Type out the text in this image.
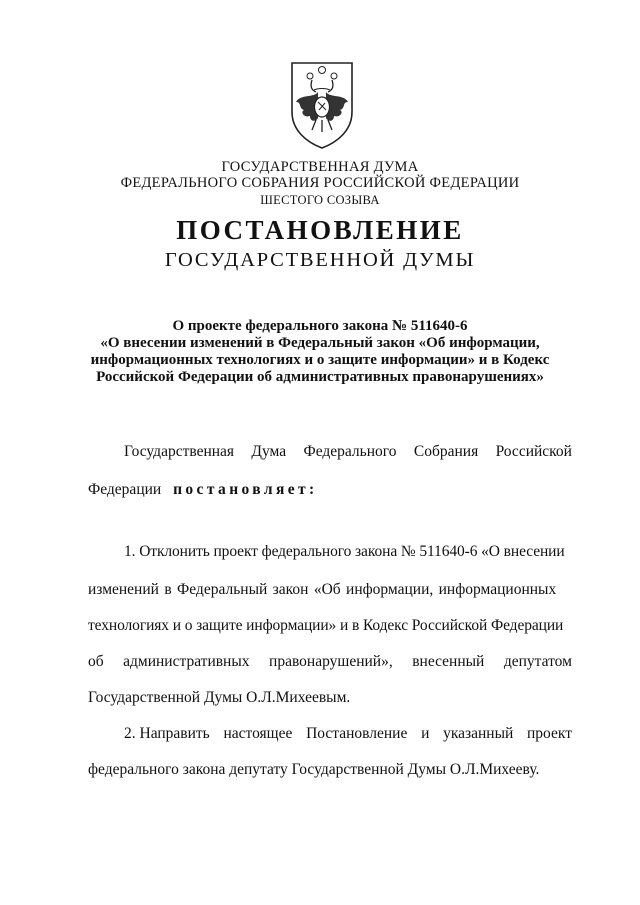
ГОСУДАРСТВЕННАЯ ДУМА
ФЕДЕРАЛЬНОГО СОБРАНИЯ РОССИЙСКОЙ ФЕДЕРАЦИИ
ШЕСТОГО СОЗЫВА
ПОСТАНОВЛЕНИЕ
ГОСУДАРСТВЕННОЙ ДУМЫ
О проекте федерального закона № 511640-6
«О внесении изменений в Федеральный закон «Об информации,
информационных технологиях и о защите информации» и в Кодекс
Российской Федерации об административных правонарушениях»
Государственная Дума Федерального Собрания Российской
Федерации постановляет:
1. Отклонить проект федерального закона № 511640-6 «О внесении
изменений в Федеральный закон «Об информации, информационных
технологиях и о защите информации» и в Кодекс Российской Федерации
об административных правонарушений», внесенный депутатом
Государственной Думы О.Л.Михеевым.
2. Направить настоящее Постановление и указанный проект
федерального закона депутату Государственной Думы О.Л.Михееву.
